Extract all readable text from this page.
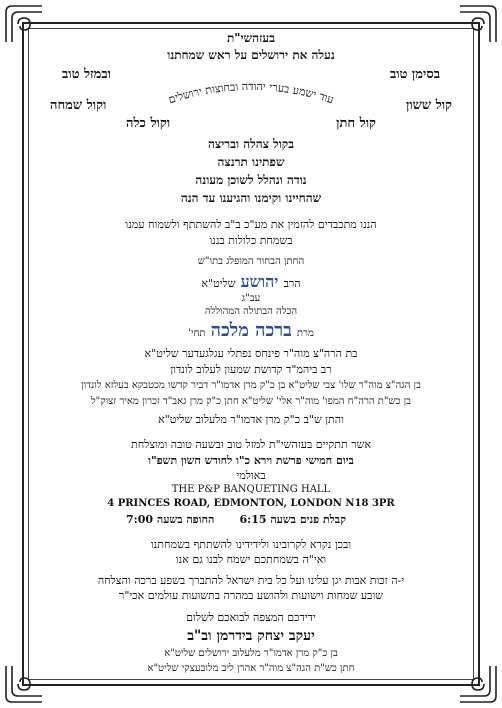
בעזהשי"ת
נעלה את ירושלים על ראש שמחתנו
ובמזל טוב	בסימן טוב
עוד ישמע בערי יהודה ובחוצות ירושלים	קול ששון
וקול שמחה
קול חתן
וקול כלה
בקול צהלה ובריצה
שפתינו תרנצה
נודה ונהלל לשוכן מעונה
שהחיינו וקימנו והגיענו עד הנה
הננו מתכבדים להזמין את מע"כ ב"ב להשתתף ולשמוח עמנו
בשמחת כלולות בננו
החתן הבחור המופלג בתו"ש
הרב יהושע שליט"א
עב"ג
הכלה הבתולה המהוללה
מרת ברכה מלכה תחי'
בת הרה"צ מוה"ר פינחס נפתלי עגלגעדער שליט"א
רב ביהמ"ד קדושת שמעון לעלוב לונדון
בן הגה"צ מוה"ר שלו' צבי שליט"א בן כ"ק מרן אדמו"ר דביר קדשו מכטבקא בעלזא לונדון
בן כש"ת הרה"ח המפו' מוה"ר אלי' שליט"א חתן כ"ק מרן גאב"ד זכרון מאיר זצוק"ל
והתן ש"ב כ"ק מרן אדמו"ר מלעלוב שליט"א
אשר תתקיים בעזהשי"ת למזל טוב ובשעה טובה ומוצלחת
ביום חמישי פרשת וירא כ"ו לחודש חשון תשפ"ו
באולמי
THE P&P BANQUETING HALL
4 PRINCES ROAD, EDMONTON, LONDON N18 3PR
קבלת פנים בשעה 6:15
החופה בשעה 7:00
ובכן נקרא לקרובינו ולידידינו להשתתף בשמחתנו
ואי"ה בשמחתכם ישמח לבנו גם אנו
י-ה זכות אבות יגן עלינו ועל כל בית ישראל להתברך בשפע ברכה והצלחה
שובע שמחות וישועות ולהושע במהרה בתשועות עולמים אכי"ר
ידידכם המצפה לבואכם לשלום
יעקב יצחק בידרמן וב"ב
בן כ"ק מרן אדמו"ר מלעלוב ירושלים שליט"א
חתן כש"ת הגה"צ מוה"ר אהרן ליב מלובעצקי שליט"א
